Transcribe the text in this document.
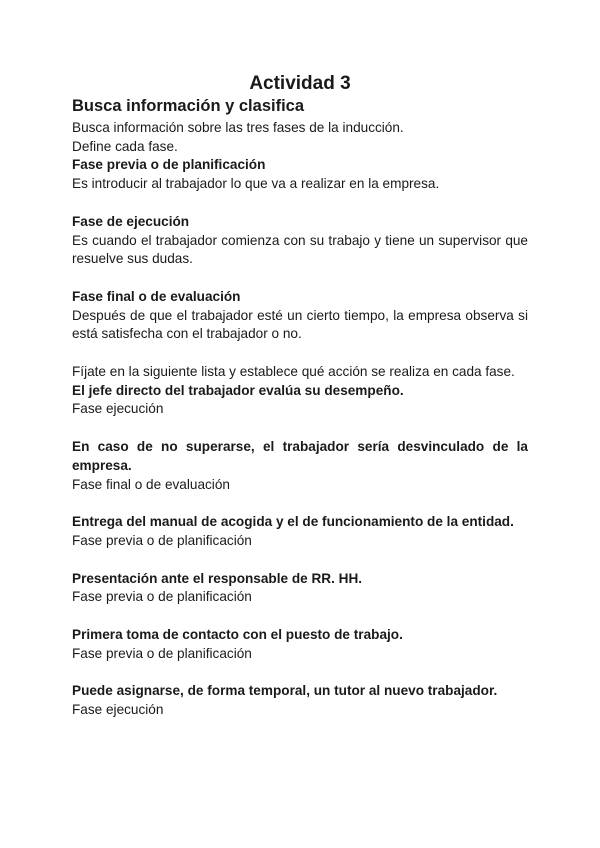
Actividad 3
Busca información y clasifica

Busca información sobre las tres fases de la inducción.

Define cada fase.

Fase previa o de planificación

Es introducir al trabajador lo que va a realizar en la empresa.

Fase de ejecución

Es cuando el trabajador comienza con su trabajo y tiene un supervisor que resuelve sus dudas.

Fase final o de evaluación

Después de que el trabajador esté un cierto tiempo, la empresa observa si está satisfecha con el trabajador o no.

Fíjate en la siguiente lista y establece qué acción se realiza en cada fase.

El jefe directo del trabajador evalúa su desempeño.

Fase ejecución

En caso de no superarse, el trabajador sería desvinculado de la empresa.

Fase final o de evaluación

Entrega del manual de acogida y el de funcionamiento de la entidad.

Fase previa o de planificación

Presentación ante el responsable de RR. HH.

Fase previa o de planificación

Primera toma de contacto con el puesto de trabajo.

Fase previa o de planificación

Puede asignarse, de forma temporal, un tutor al nuevo trabajador.

Fase ejecución
